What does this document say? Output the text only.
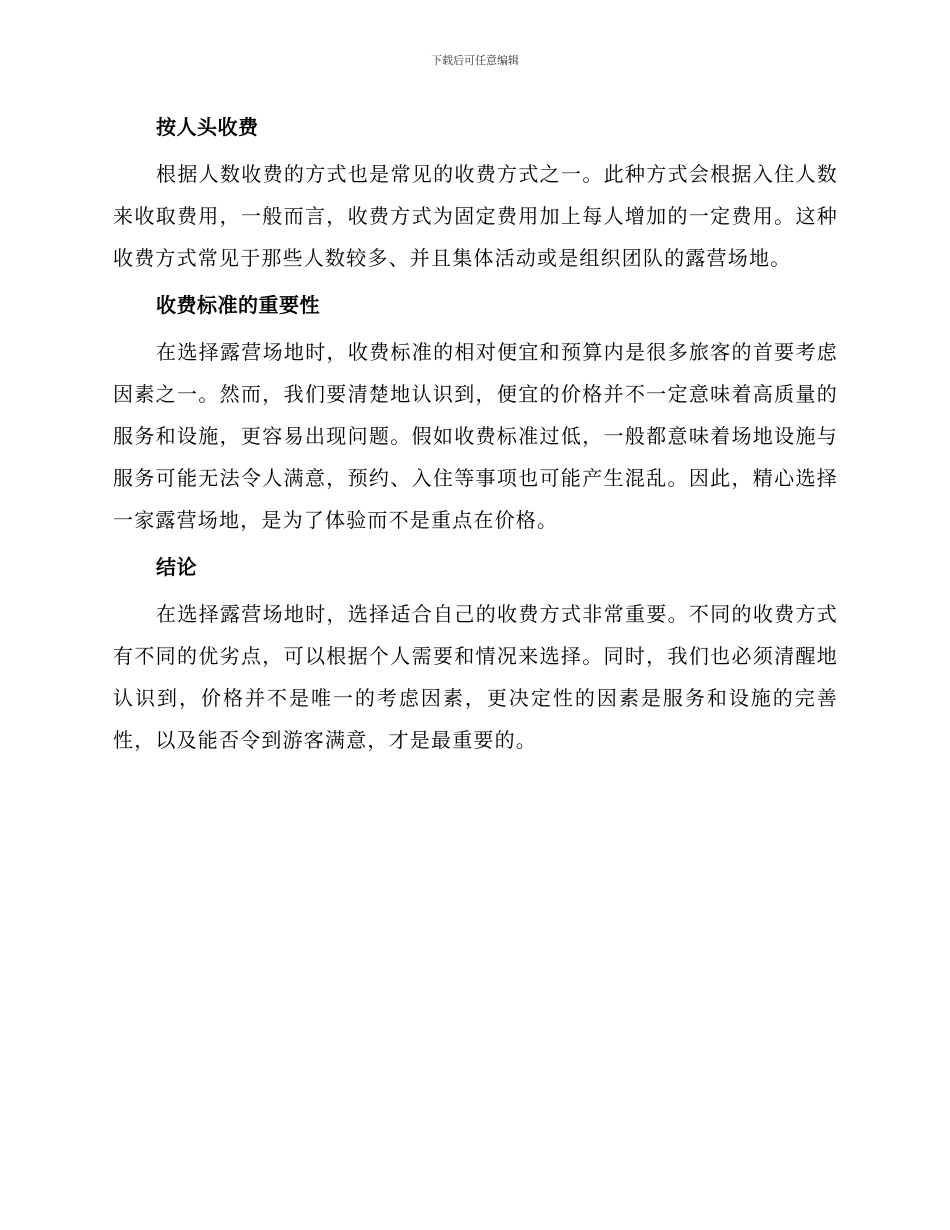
下载后可任意编辑
按人头收费

根据人数收费的方式也是常见的收费方式之一。此种方式会根据入住人数来收取费用，一般而言，收费方式为固定费用加上每人增加的一定费用。这种收费方式常见于那些人数较多、并且集体活动或是组织团队的露营场地。

收费标准的重要性

在选择露营场地时，收费标准的相对便宜和预算内是很多旅客的首要考虑因素之一。然而，我们要清楚地认识到，便宜的价格并不一定意味着高质量的服务和设施，更容易出现问题。假如收费标准过低，一般都意味着场地设施与服务可能无法令人满意，预约、入住等事项也可能产生混乱。因此，精心选择一家露营场地，是为了体验而不是重点在价格。

结论

在选择露营场地时，选择适合自己的收费方式非常重要。不同的收费方式有不同的优劣点，可以根据个人需要和情况来选择。同时，我们也必须清醒地认识到，价格并不是唯一的考虑因素，更决定性的因素是服务和设施的完善性，以及能否令到游客满意，才是最重要的。
